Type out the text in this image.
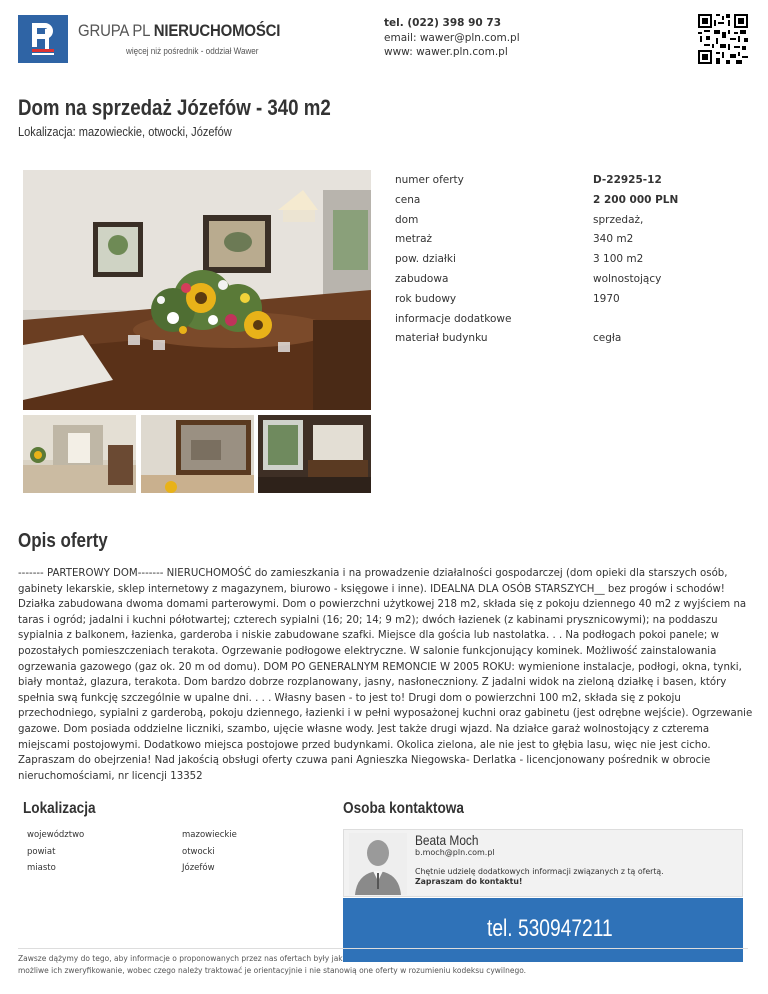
GRUPA PL NIERUCHOMOŚCI
więcej niż pośrednik - oddział Wawer
tel. (022) 398 90 73
email: wawer@pln.com.pl
www: wawer.pln.com.pl
Dom na sprzedaż Józefów - 340 m2
Lokalizacja: mazowieckie, otwocki, Józefów
numer oferty	D-22925-12
cena	2 200 000 PLN
dom	sprzedaż,
metraż	340 m2
pow. działki	3 100 m2
zabudowa	wolnostojący
rok budowy	1970
informacje dodatkowe
materiał budynku	cegła
Opis oferty

------- PARTEROWY DOM------- NIERUCHOMOŚĆ do zamieszkania i na prowadzenie działalności gospodarczej (dom opieki dla starszych osób, gabinety lekarskie, sklep internetowy z magazynem, biurowo - księgowe i inne). IDEALNA DLA OSÓB STARSZYCH__ bez progów i schodów! Działka zabudowana dwoma domami parterowymi. Dom o powierzchni użytkowej 218 m2, składa się z pokoju dziennego 40 m2 z wyjściem na taras i ogród; jadalni i kuchni półotwartej; czterech sypialni (16; 20; 14; 9 m2); dwóch łazienek (z kabinami prysznicowymi); na poddaszu sypialnia z balkonem, łazienka, garderoba i niskie zabudowane szafki. Miejsce dla gościa lub nastolatka. . . Na podłogach pokoi panele; w pozostałych pomieszczeniach terakota. Ogrzewanie podłogowe elektryczne. W salonie funkcjonujący kominek. Możliwość zainstalowania ogrzewania gazowego (gaz ok. 20 m od domu). DOM PO GENERALNYM REMONCIE W 2005 ROKU: wymienione instalacje, podłogi, okna, tynki, biały montaż, glazura, terakota. Dom bardzo dobrze rozplanowany, jasny, nasłoneczniony. Z jadalni widok na zieloną działkę i basen, który spełnia swą funkcję szczególnie w upalne dni. . . . Własny basen - to jest to! Drugi dom o powierzchni 100 m2, składa się z pokoju przechodniego, sypialni z garderobą, pokoju dziennego, łazienki i w pełni wyposażonej kuchni oraz gabinetu (jest odrębne wejście). Ogrzewanie gazowe. Dom posiada oddzielne liczniki, szambo, ujęcie własne wody. Jest także drugi wjazd. Na działce garaż wolnostojący z czterema miejscami postojowymi. Dodatkowo miejsca postojowe przed budynkami. Okolica zielona, ale nie jest to głębia lasu, więc nie jest cicho. Zapraszam do obejrzenia! Nad jakością obsługi oferty czuwa pani Agnieszka Niegowska- Derlatka - licencjonowany pośrednik w obrocie nieruchomościami, nr licencji 13352

Lokalizacja
województwo	mazowieckie
powiat	otwocki
miasto	Józefów
Osoba kontaktowa
Beata Moch
b.moch@pln.com.pl
Chętnie udzielę dodatkowych informacji związanych z tą ofertą.
Zapraszam do kontaktu!
tel. 530947211
Zawsze dążymy do tego, aby informacje o proponowanych przez nas ofertach były jak
możliwe ich zweryfikowanie, wobec czego należy traktować je orientacyjnie i nie stanowią one oferty w rozumieniu kodeksu cywilnego.
